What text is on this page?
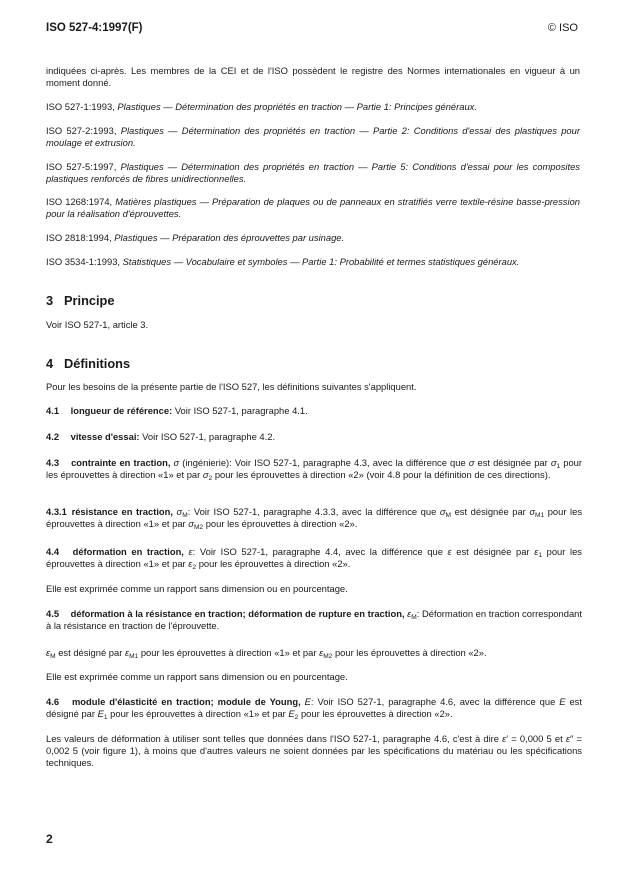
ISO 527-4:1997(F)	© ISO
indiquées ci-après. Les membres de la CEI et de l'ISO possèdent le registre des Normes internationales en vigueur à un moment donné.
ISO 527-1:1993, Plastiques — Détermination des propriétés en traction — Partie 1: Principes généraux.
ISO 527-2:1993, Plastiques — Détermination des propriétés en traction — Partie 2: Conditions d'essai des plastiques pour moulage et extrusion.
ISO 527-5:1997, Plastiques — Détermination des propriétés en traction — Partie 5: Conditions d'essai pour les composites plastiques renforcés de fibres unidirectionnelles.
ISO 1268:1974, Matières plastiques — Préparation de plaques ou de panneaux en stratifiés verre textile-résine basse-pression pour la réalisation d'éprouvettes.
ISO 2818:1994, Plastiques — Préparation des éprouvettes par usinage.
ISO 3534-1:1993, Statistiques — Vocabulaire et symboles — Partie 1: Probabilité et termes statistiques généraux.
3 Principe
Voir ISO 527-1, article 3.
4 Définitions
Pour les besoins de la présente partie de l'ISO 527, les définitions suivantes s'appliquent.
4.1 longueur de référence: Voir ISO 527-1, paragraphe 4.1.
4.2 vitesse d'essai: Voir ISO 527-1, paragraphe 4.2.
4.3 contrainte en traction, σ (ingénierie): Voir ISO 527-1, paragraphe 4.3, avec la différence que σ est désignée par $\sigma_1$ pour les éprouvettes à direction «1» et par $\sigma_2$ pour les éprouvettes à direction «2» (voir 4.8 pour la définition de ces directions).
4.3.1 résistance en traction, $\sigma_M$: Voir ISO 527-1, paragraphe 4.3.3, avec la différence que $\sigma_M$ est désignée par $\sigma_{M1}$ pour les éprouvettes à direction «1» et par $\sigma_{M2}$ pour les éprouvettes à direction «2».
4.4 déformation en traction, ε: Voir ISO 527-1, paragraphe 4.4, avec la différence que ε est désignée par $\varepsilon_1$ pour les éprouvettes à direction «1» et par $\varepsilon_2$ pour les éprouvettes à direction «2».
Elle est exprimée comme un rapport sans dimension ou en pourcentage.
4.5 déformation à la résistance en traction; déformation de rupture en traction, $\varepsilon_M$: Déformation en traction correspondant à la résistance en traction de l'éprouvette.
$\varepsilon_M$ est désigné par $\varepsilon_{M1}$ pour les éprouvettes à direction «1» et par $\varepsilon_{M2}$ pour les éprouvettes à direction «2».
Elle est exprimée comme un rapport sans dimension ou en pourcentage.
4.6 module d'élasticité en traction; module de Young, E: Voir ISO 527-1, paragraphe 4.6, avec la différence que E est désigné par $E_1$ pour les éprouvettes à direction «1» et par $E_2$ pour les éprouvettes à direction «2».
Les valeurs de déformation à utiliser sont telles que données dans l'ISO 527-1, paragraphe 4.6, c'est à dire ε′ = 0,000 5 et ε″ = 0,002 5 (voir figure 1), à moins que d'autres valeurs ne soient données par les spécifications du matériau ou les spécifications techniques.
2
